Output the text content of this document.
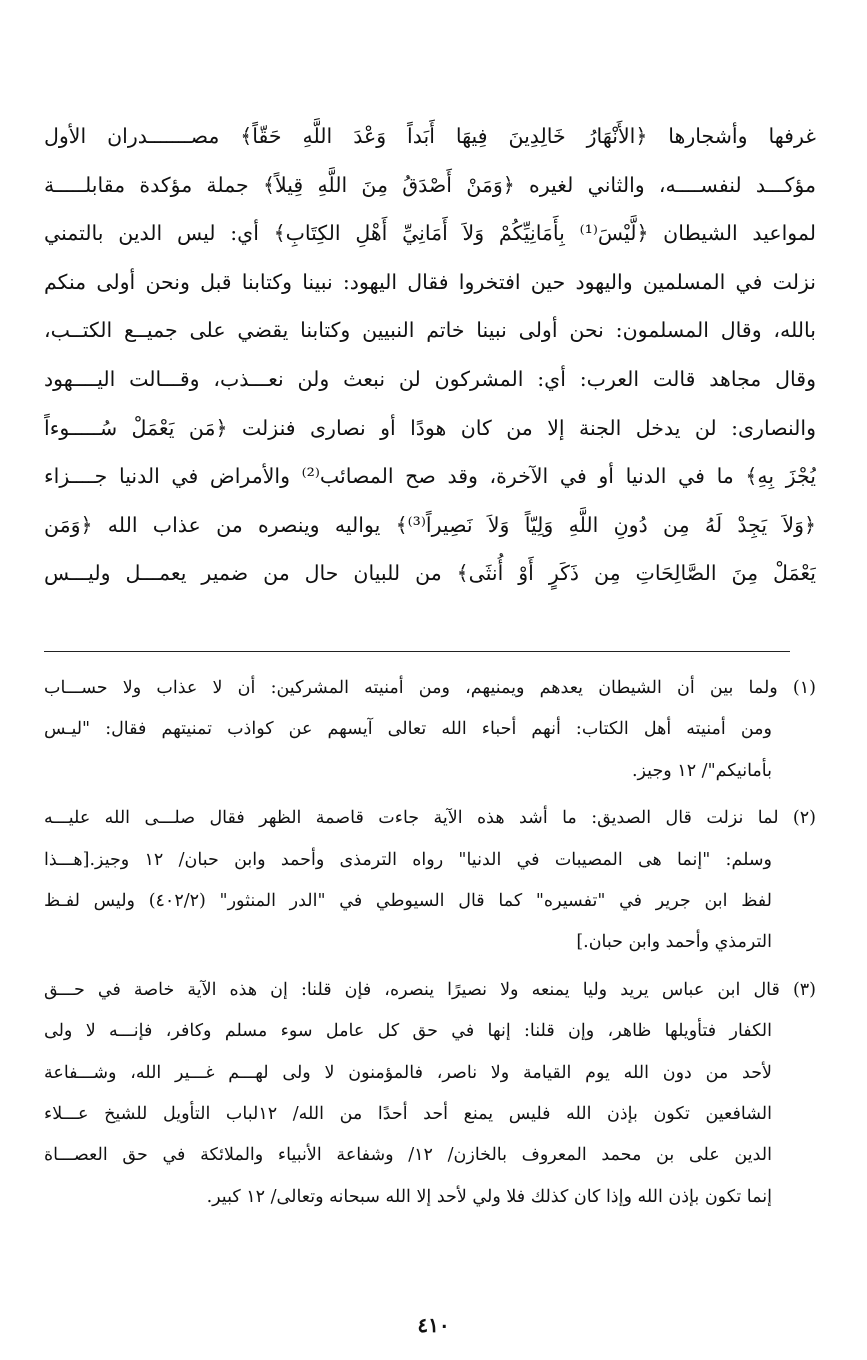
غرفها وأشجارها ﴿الأَنْهَارُ خَالِدِينَ فِيهَا أَبَداً وَعْدَ اللَّهِ حَقّاً﴾ مصـــــــدران الأول
مؤكـــد لنفســــه، والثاني لغيره ﴿وَمَنْ أَصْدَقُ مِنَ اللَّهِ قِيلاً﴾ جملة مؤكدة مقابلـــــة
لمواعيد الشيطان ﴿لَّيْسَ⁽¹⁾ بِأَمَانِيِّكُمْ وَلاَ أَمَانِيِّ أَهْلِ الكِتَابِ﴾ أي: ليس الدين بالتمني
نزلت في المسلمين واليهود حين افتخروا فقال اليهود: نبينا وكتابنا قبل ونحن أولى منكم
بالله، وقال المسلمون: نحن أولى نبينا خاتم النبيين وكتابنا يقضي على جميــع الكتــب،
وقال مجاهد قالت العرب: أي: المشركون لن نبعث ولن نعـــذب، وقـــالت اليــــهود
والنصارى: لن يدخل الجنة إلا من كان هودًا أو نصارى فنزلت ﴿مَن يَعْمَلْ سُـــــوءاً
يُجْزَ بِهِ﴾ ما في الدنيا أو في الآخرة، وقد صح المصائب⁽²⁾ والأمراض في الدنيا جــــزاء
﴿وَلاَ يَجِدْ لَهُ مِن دُونِ اللَّهِ وَلِيّاً وَلاَ نَصِيراً⁽³⁾﴾ يواليه وينصره من عذاب الله ﴿وَمَن
يَعْمَلْ مِنَ الصَّالِحَاتِ مِن ذَكَرٍ أَوْ أُنثَى﴾ من للبيان حال من ضمير يعمـــل وليـــس
(١) ولما بين أن الشيطان يعدهم ويمنيهم، ومن أمنيته المشركين: أن لا عذاب ولا حســـاب
ومن أمنيته أهل الكتاب: أنهم أحباء الله تعالى آيسهم عن كواذب تمنيتهم فقال: "ليـس
بأمانيكم"/ ١٢ وجيز.
(٢) لما نزلت قال الصديق: ما أشد هذه الآية جاءت قاصمة الظهر فقال صلـــى الله عليـــه
وسلم: "إنما هى المصيبات في الدنيا" رواه الترمذى وأحمد وابن حبان/ ١٢ وجيز.[هـــذا
لفظ ابن جرير في "تفسيره" كما قال السيوطي في "الدر المنثور" (٤٠٢/٢) وليس لفـظ
الترمذي وأحمد وابن حبان.]
(٣) قال ابن عباس يريد وليا يمنعه ولا نصيرًا ينصره، فإن قلنا: إن هذه الآية خاصة في حـــق
الكفار فتأويلها ظاهر، وإن قلنا: إنها في حق كل عامل سوء مسلم وكافر، فإنـــه لا ولى
لأحد من دون الله يوم القيامة ولا ناصر، فالمؤمنون لا ولى لهـــم غـــير الله، وشـــفاعة
الشافعين تكون بإذن الله فليس يمنع أحد أحدًا من الله/ ١٢لباب التأويل للشيخ عـــلاء
الدين على بن محمد المعروف بالخازن/ ١٢/ وشفاعة الأنبياء والملائكة في حق العصـــاة
إنما تكون بإذن الله وإذا كان كذلك فلا ولي لأحد إلا الله سبحانه وتعالى/ ١٢ كبير.
٤١٠
